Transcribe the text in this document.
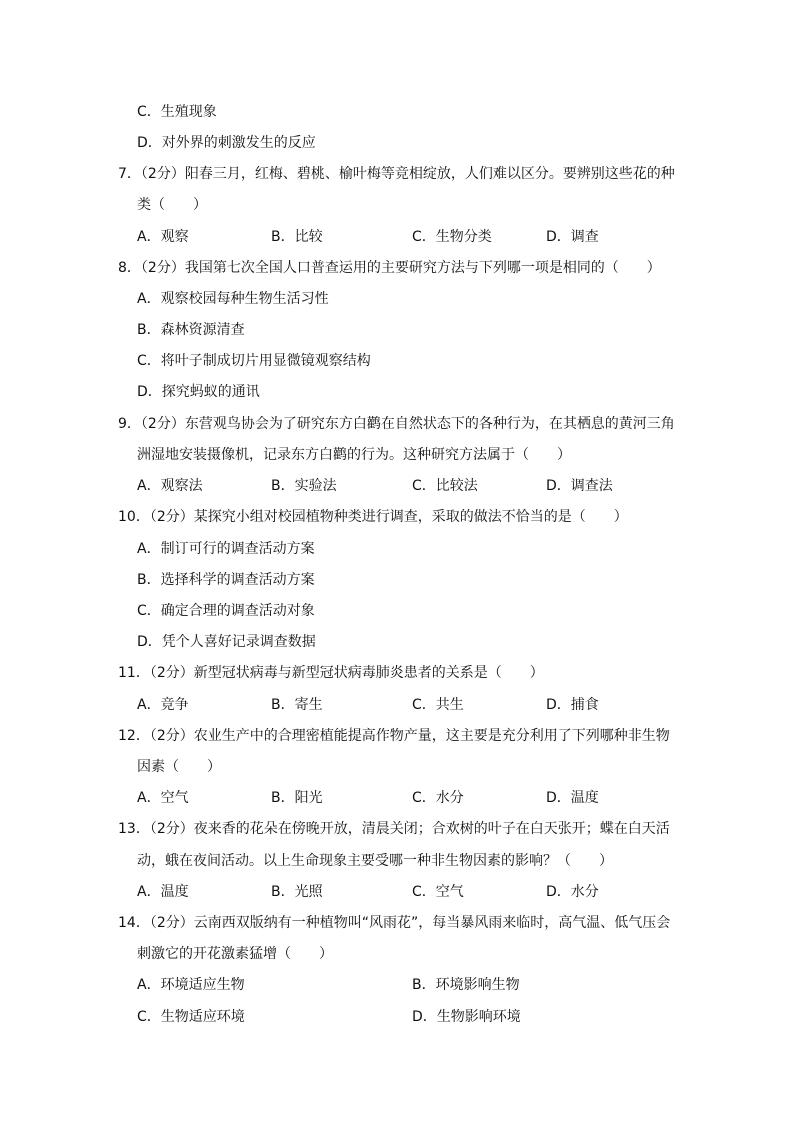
C．生殖现象
D．对外界的刺激发生的反应
7．（2分）阳春三月，红梅、碧桃、榆叶梅等竞相绽放，人们难以区分。要辨别这些花的种
类（　　）
A．观察	B．比较	C．生物分类	D．调查
8．（2分）我国第七次全国人口普查运用的主要研究方法与下列哪一项是相同的（　　）
A．观察校园每种生物生活习性
B．森林资源清查
C．将叶子制成切片用显微镜观察结构
D．探究蚂蚁的通讯
9．（2分）东营观鸟协会为了研究东方白鹳在自然状态下的各种行为，在其栖息的黄河三角
洲湿地安装摄像机，记录东方白鹳的行为。这种研究方法属于（　　）
A．观察法	B．实验法	C．比较法	D．调查法
10．（2分）某探究小组对校园植物种类进行调查，采取的做法不恰当的是（　　）
A．制订可行的调查活动方案
B．选择科学的调查活动方案
C．确定合理的调查活动对象
D．凭个人喜好记录调查数据
11．（2分）新型冠状病毒与新型冠状病毒肺炎患者的关系是（　　）
A．竞争	B．寄生	C．共生	D．捕食
12．（2分）农业生产中的合理密植能提高作物产量，这主要是充分利用了下列哪种非生物
因素（　　）
A．空气	B．阳光	C．水分	D．温度
13．（2分）夜来香的花朵在傍晚开放，清晨关闭；合欢树的叶子在白天张开；蝶在白天活
动，蛾在夜间活动。以上生命现象主要受哪一种非生物因素的影响？（　　）
A．温度	B．光照	C．空气	D．水分
14．（2分）云南西双版纳有一种植物叫“风雨花”，每当暴风雨来临时，高气温、低气压会
刺激它的开花激素猛增（　　）
A．环境适应生物	B．环境影响生物
C．生物适应环境	D．生物影响环境
